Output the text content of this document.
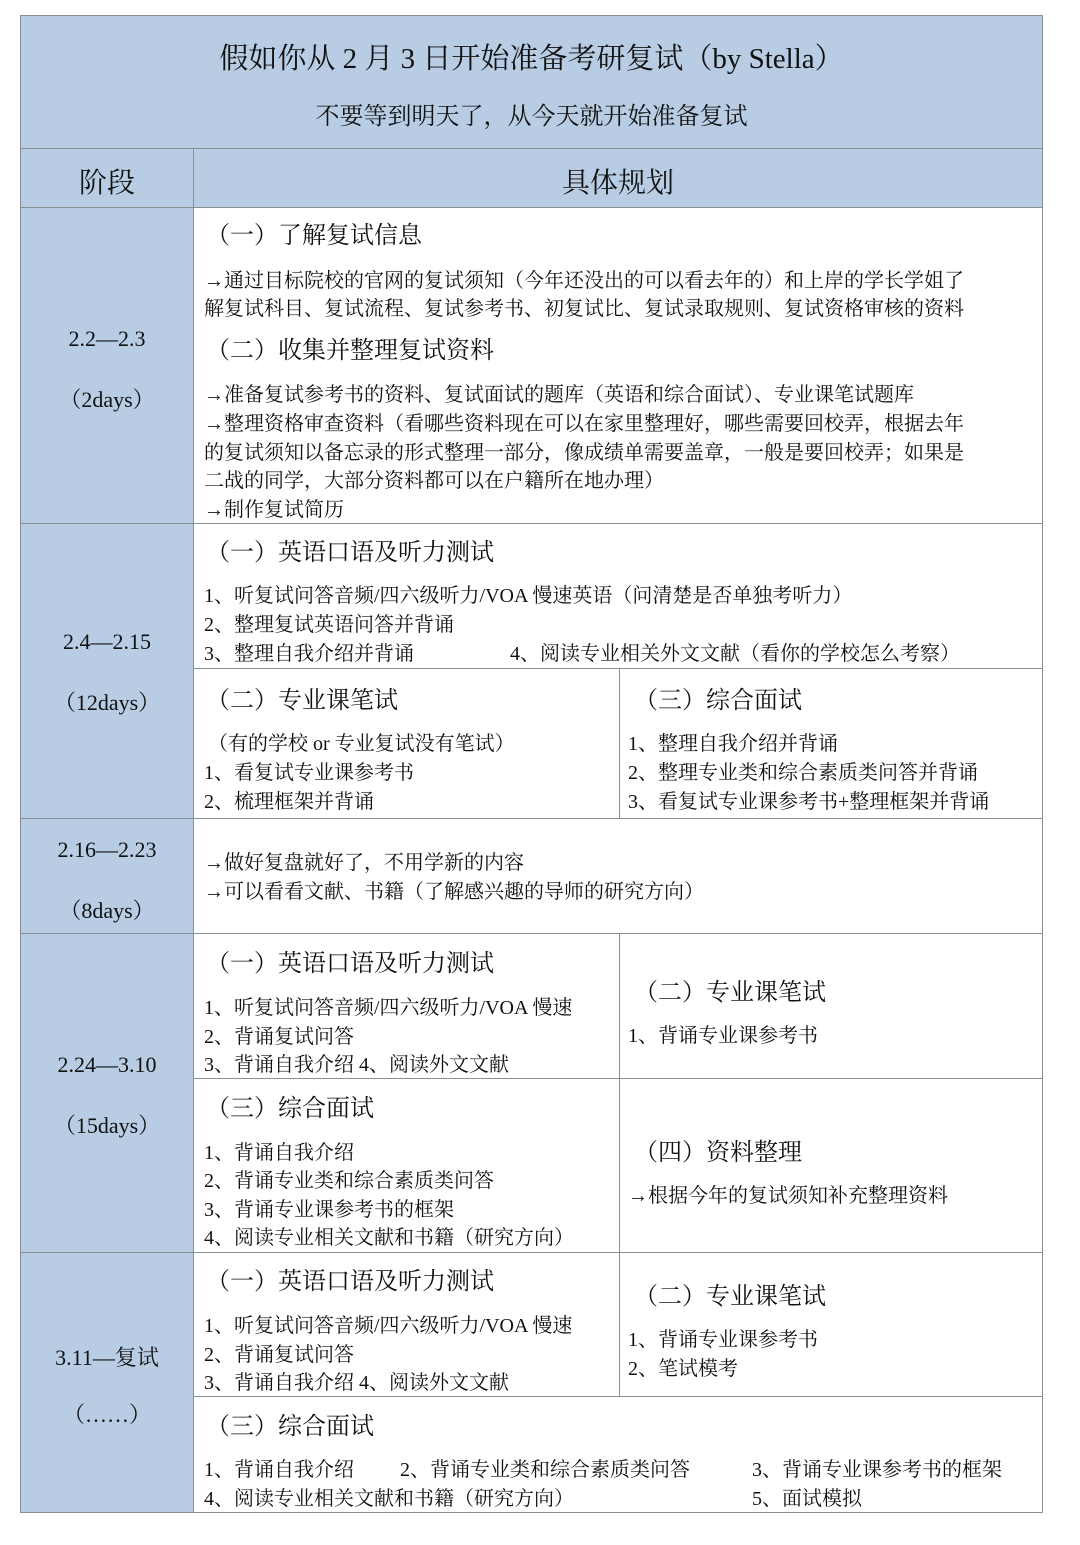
假如你从 2 月 3 日开始准备考研复试（by Stella）
不要等到明天了，从今天就开始准备复试
阶段	具体规划
2.2—2.3
（2days）
（一）了解复试信息
→通过目标院校的官网的复试须知（今年还没出的可以看去年的）和上岸的学长学姐了
解复试科目、复试流程、复试参考书、初复试比、复试录取规则、复试资格审核的资料
（二）收集并整理复试资料
→准备复试参考书的资料、复试面试的题库（英语和综合面试）、专业课笔试题库
→整理资格审查资料（看哪些资料现在可以在家里整理好，哪些需要回校弄，根据去年
的复试须知以备忘录的形式整理一部分，像成绩单需要盖章，一般是要回校弄；如果是
二战的同学，大部分资料都可以在户籍所在地办理）
→制作复试简历
2.4—2.15
（12days）
（一）英语口语及听力测试
1、听复试问答音频/四六级听力/VOA 慢速英语（问清楚是否单独考听力）
2、整理复试英语问答并背诵
3、整理自我介绍并背诵	4、阅读专业相关外文文献（看你的学校怎么考察）
（二）专业课笔试
（有的学校 or 专业复试没有笔试）
1、看复试专业课参考书
2、梳理框架并背诵
（三）综合面试
1、整理自我介绍并背诵
2、整理专业类和综合素质类问答并背诵
3、看复试专业课参考书+整理框架并背诵
2.16—2.23
（8days）
→做好复盘就好了，不用学新的内容
→可以看看文献、书籍（了解感兴趣的导师的研究方向）
2.24—3.10
（15days）
（一）英语口语及听力测试
1、听复试问答音频/四六级听力/VOA 慢速
2、背诵复试问答
3、背诵自我介绍 4、阅读外文文献
（二）专业课笔试
1、背诵专业课参考书
（三）综合面试
1、背诵自我介绍
2、背诵专业类和综合素质类问答
3、背诵专业课参考书的框架
4、阅读专业相关文献和书籍（研究方向）
（四）资料整理
→根据今年的复试须知补充整理资料
3.11—复试
（……）
（一）英语口语及听力测试
1、听复试问答音频/四六级听力/VOA 慢速
2、背诵复试问答
3、背诵自我介绍 4、阅读外文文献
（二）专业课笔试
1、背诵专业课参考书
2、笔试模考
（三）综合面试
1、背诵自我介绍 2、背诵专业类和综合素质类问答	3、背诵专业课参考书的框架
4、阅读专业相关文献和书籍（研究方向）	5、面试模拟
